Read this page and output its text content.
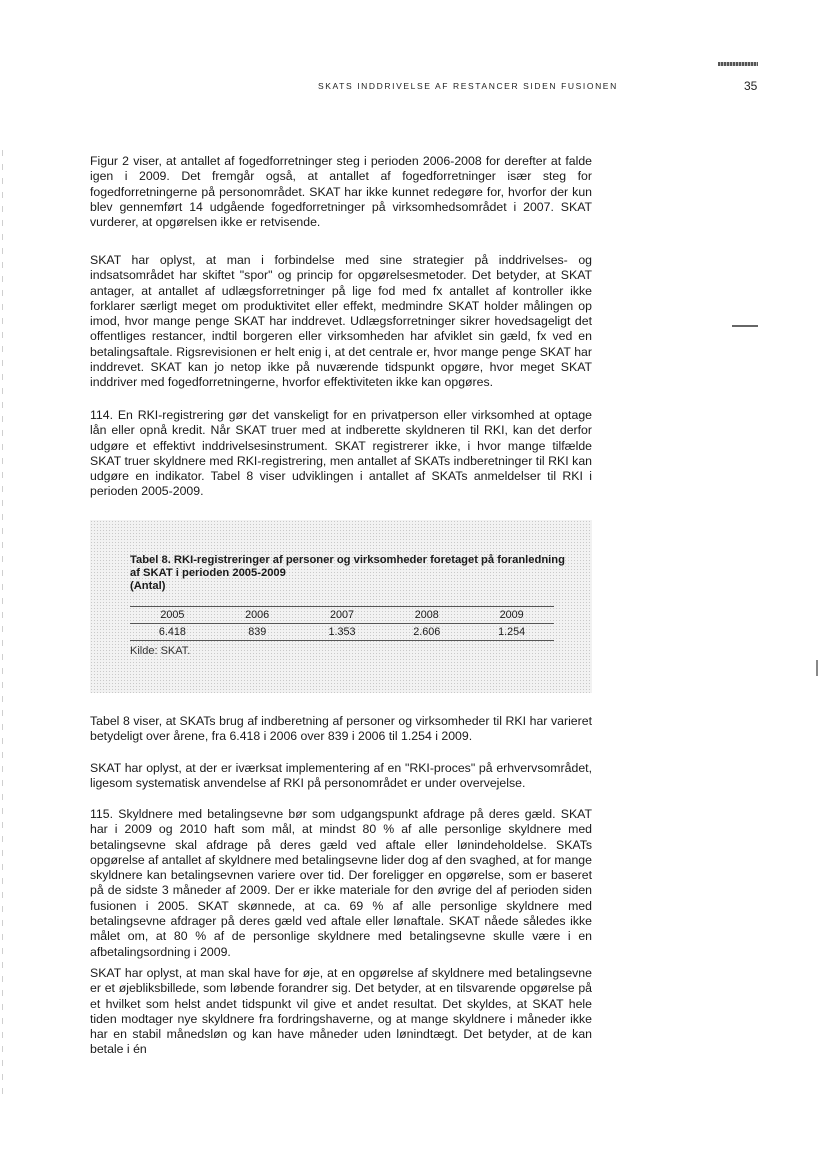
SKATS INDDRIVELSE AF RESTANCER SIDEN FUSIONEN	35

Figur 2 viser, at antallet af fogedforretninger steg i perioden 2006-2008 for derefter at falde igen i 2009. Det fremgår også, at antallet af fogedforretninger især steg for fogedforretningerne på personområdet. SKAT har ikke kunnet redegøre for, hvorfor der kun blev gennemført 14 udgående fogedforretninger på virksomhedsområdet i 2007. SKAT vurderer, at opgørelsen ikke er retvisende.

SKAT har oplyst, at man i forbindelse med sine strategier på inddrivelses- og indsatsområdet har skiftet "spor" og princip for opgørelsesmetoder. Det betyder, at SKAT antager, at antallet af udlægsforretninger på lige fod med fx antallet af kontroller ikke forklarer særligt meget om produktivitet eller effekt, medmindre SKAT holder målingen op imod, hvor mange penge SKAT har inddrevet. Udlægsforretninger sikrer hovedsageligt det offentliges restancer, indtil borgeren eller virksomheden har afviklet sin gæld, fx ved en betalingsaftale. Rigsrevisionen er helt enig i, at det centrale er, hvor mange penge SKAT har inddrevet. SKAT kan jo netop ikke på nuværende tidspunkt opgøre, hvor meget SKAT inddriver med fogedforretningerne, hvorfor effektiviteten ikke kan opgøres.

114. En RKI-registrering gør det vanskeligt for en privatperson eller virksomhed at optage lån eller opnå kredit. Når SKAT truer med at indberette skyldneren til RKI, kan det derfor udgøre et effektivt inddrivelsesinstrument. SKAT registrerer ikke, i hvor mange tilfælde SKAT truer skyldnere med RKI-registrering, men antallet af SKATs indberetninger til RKI kan udgøre en indikator. Tabel 8 viser udviklingen i antallet af SKATs anmeldelser til RKI i perioden 2005-2009.

Tabel 8. RKI-registreringer af personer og virksomheder foretaget på foranledning
af SKAT i perioden 2005-2009
(Antal)
2005	2006	2007	2008	2009
6.418	839	1.353	2.606	1.254
Kilde: SKAT.

Tabel 8 viser, at SKATs brug af indberetning af personer og virksomheder til RKI har varieret betydeligt over årene, fra 6.418 i 2006 over 839 i 2006 til 1.254 i 2009.

SKAT har oplyst, at der er iværksat implementering af en "RKI-proces" på erhvervsområdet, ligesom systematisk anvendelse af RKI på personområdet er under overvejelse.

115. Skyldnere med betalingsevne bør som udgangspunkt afdrage på deres gæld. SKAT har i 2009 og 2010 haft som mål, at mindst 80 % af alle personlige skyldnere med betalingsevne skal afdrage på deres gæld ved aftale eller lønindeholdelse. SKATs opgørelse af antallet af skyldnere med betalingsevne lider dog af den svaghed, at for mange skyldnere kan betalingsevnen variere over tid. Der foreligger en opgørelse, som er baseret på de sidste 3 måneder af 2009. Der er ikke materiale for den øvrige del af perioden siden fusionen i 2005. SKAT skønnede, at ca. 69 % af alle personlige skyldnere med betalingsevne afdrager på deres gæld ved aftale eller lønaftale. SKAT nåede således ikke målet om, at 80 % af de personlige skyldnere med betalingsevne skulle være i en afbetalingsordning i 2009.

SKAT har oplyst, at man skal have for øje, at en opgørelse af skyldnere med betalingsevne er et øjebliksbillede, som løbende forandrer sig. Det betyder, at en tilsvarende opgørelse på et hvilket som helst andet tidspunkt vil give et andet resultat. Det skyldes, at SKAT hele tiden modtager nye skyldnere fra fordringshaverne, og at mange skyldnere i måneder ikke har en stabil månedsløn og kan have måneder uden lønindtægt. Det betyder, at de kan betale i én
